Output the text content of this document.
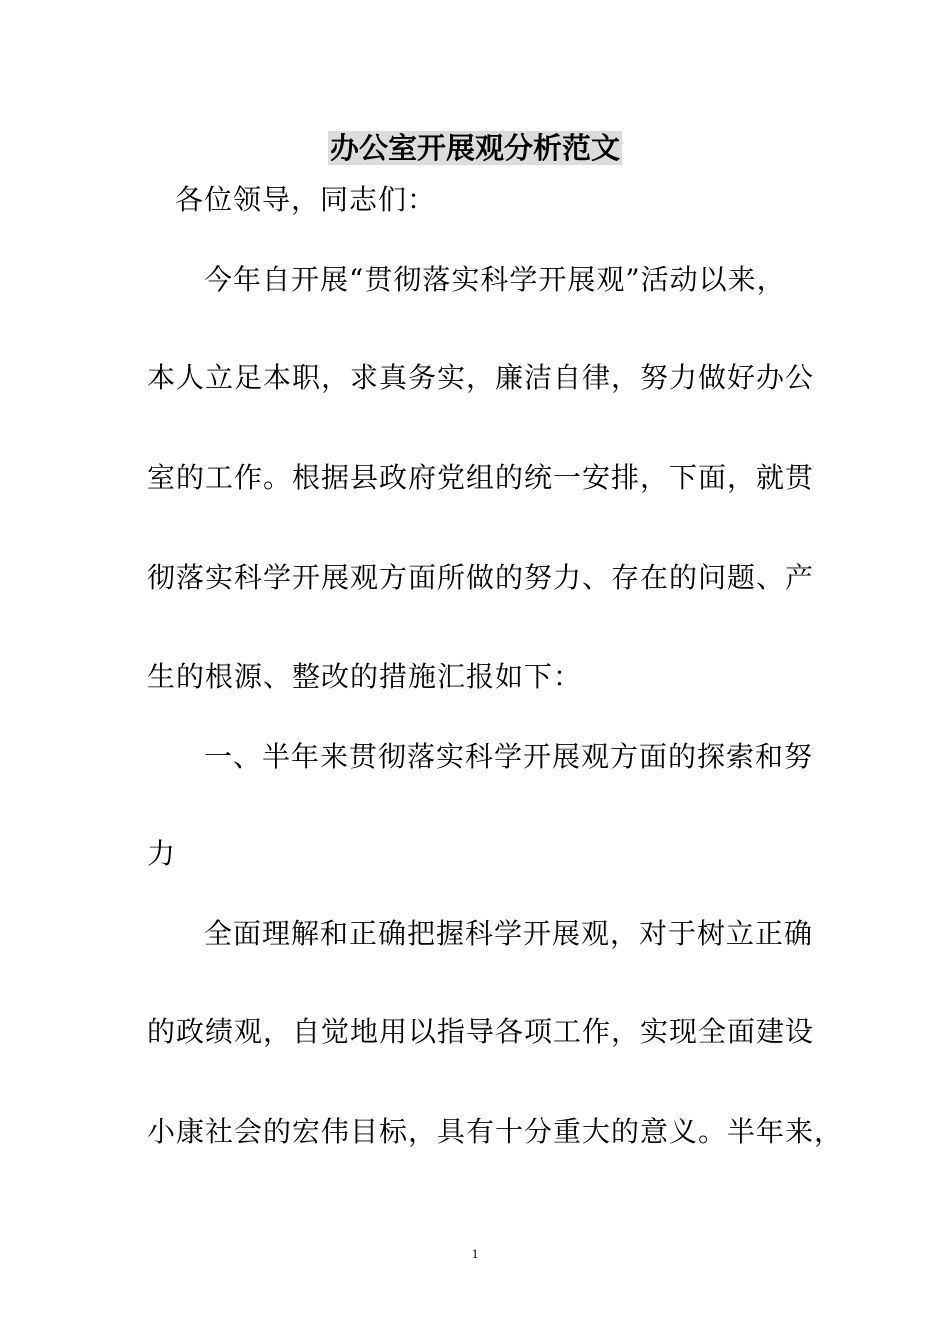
办公室开展观分析范文
各位领导，同志们：
今年自开展“贯彻落实科学开展观”活动以来，
本人立足本职，求真务实，廉洁自律，努力做好办公
室的工作。根据县政府党组的统一安排，下面，就贯
彻落实科学开展观方面所做的努力、存在的问题、产
生的根源、整改的措施汇报如下：
一、半年来贯彻落实科学开展观方面的探索和努
力
全面理解和正确把握科学开展观，对于树立正确
的政绩观，自觉地用以指导各项工作，实现全面建设
小康社会的宏伟目标，具有十分重大的意义。半年来，
1
